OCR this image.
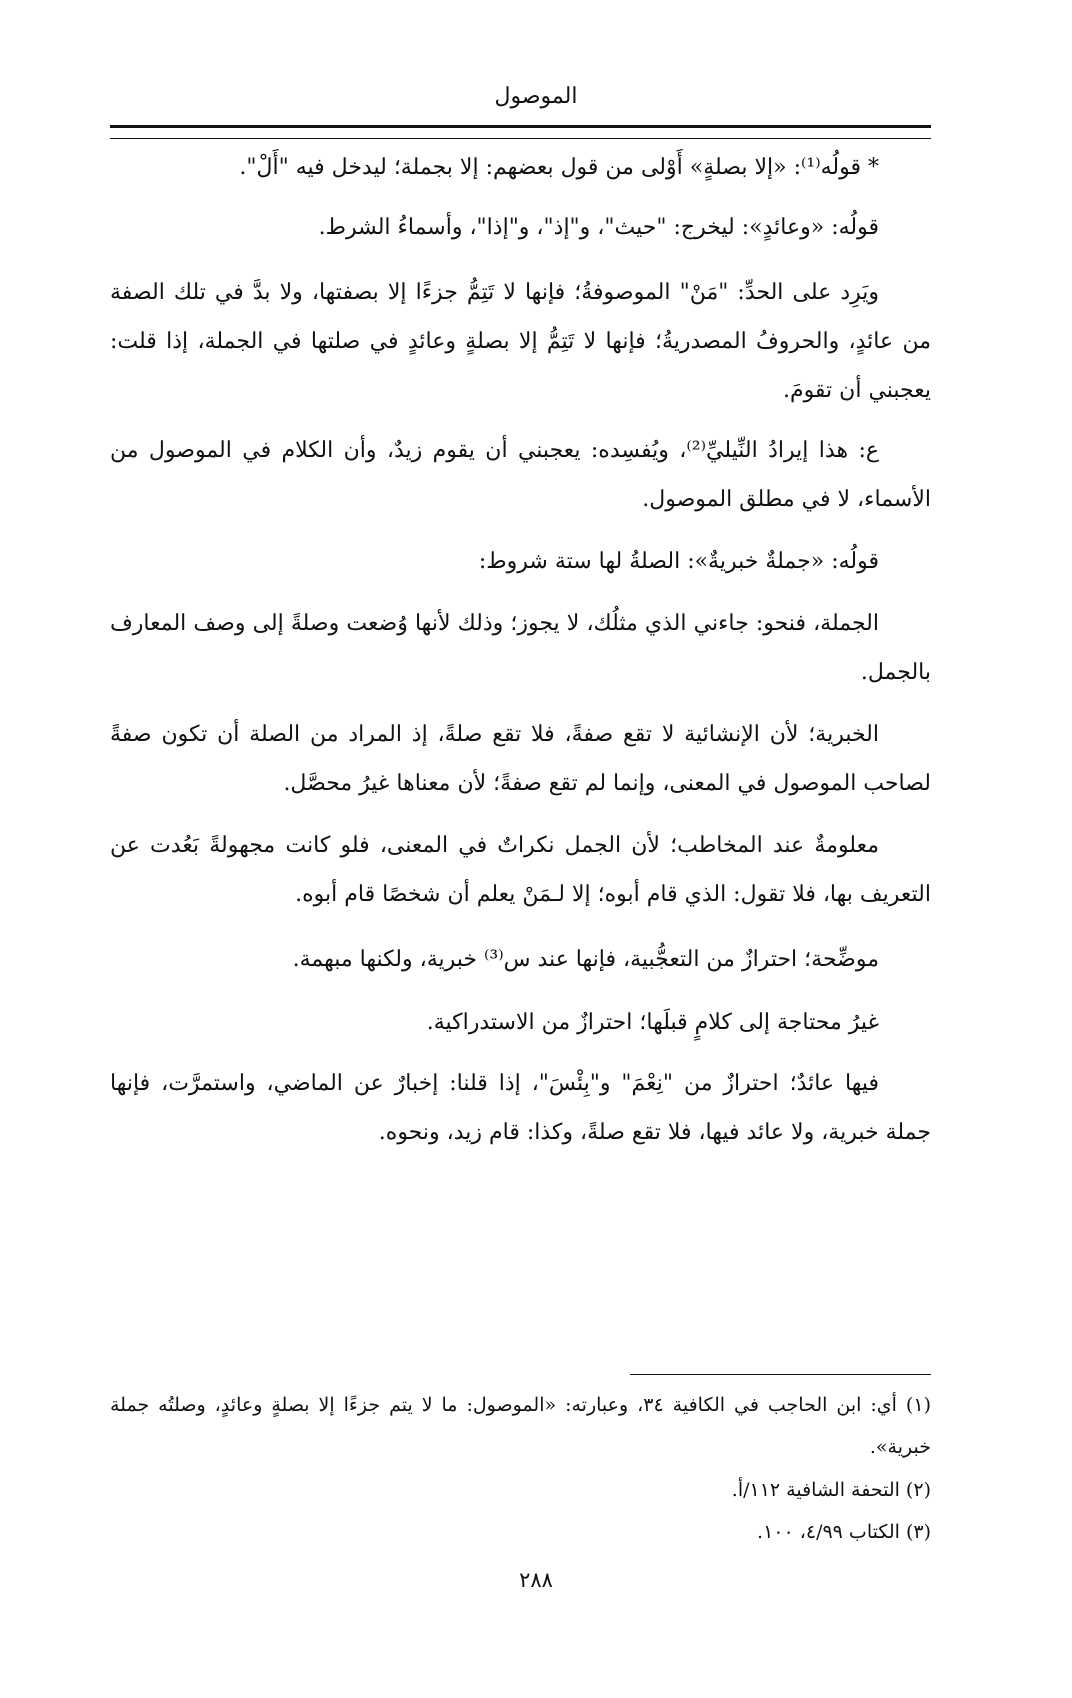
الموصول

* قولُه⁽¹⁾: «إلا بصلةٍ» أَوْلى من قول بعضهم: إلا بجملة؛ ليدخل فيه "أَلْ".

قولُه: «وعائدٍ»: ليخرج: "حيث"، و"إذ"، و"إذا"، وأسماءُ الشرط.

ويَرِد على الحدِّ: "مَنْ" الموصوفةُ؛ فإنها لا تَتِمُّ جزءًا إلا بصفتها، ولا بدَّ في تلك الصفة من عائدٍ، والحروفُ المصدريةُ؛ فإنها لا تَتِمُّ إلا بصلةٍ وعائدٍ في صلتها في الجملة، إذا قلت: يعجبني أن تقومَ.

ع: هذا إيرادُ النِّيليِّ⁽²⁾، ويُفسِده: يعجبني أن يقوم زيدٌ، وأن الكلام في الموصول من الأسماء، لا في مطلق الموصول.

قولُه: «جملةٌ خبريةٌ»: الصلةُ لها ستة شروط:

الجملة، فنحو: جاءني الذي مثلُك، لا يجوز؛ وذلك لأنها وُضعت وصلةً إلى وصف المعارف بالجمل.

الخبرية؛ لأن الإنشائية لا تقع صفةً، فلا تقع صلةً، إذ المراد من الصلة أن تكون صفةً لصاحب الموصول في المعنى، وإنما لم تقع صفةً؛ لأن معناها غيرُ محصَّل.

معلومةٌ عند المخاطب؛ لأن الجمل نكراتٌ في المعنى، فلو كانت مجهولةً بَعُدت عن التعريف بها، فلا تقول: الذي قام أبوه؛ إلا لـمَنْ يعلم أن شخصًا قام أبوه.

موضِّحة؛ احترازٌ من التعجُّبية، فإنها عند س⁽³⁾ خبرية، ولكنها مبهمة.

غيرُ محتاجة إلى كلامٍ قبلَها؛ احترازٌ من الاستدراكية.

فيها عائدٌ؛ احترازٌ من "نِعْمَ" و"بِئْسَ"، إذا قلنا: إخبارٌ عن الماضي، واستمرَّت، فإنها جملة خبرية، ولا عائد فيها، فلا تقع صلةً، وكذا: قام زيد، ونحوه.

(١) أي: ابن الحاجب في الكافية ٣٤، وعبارته: «الموصول: ما لا يتم جزءًا إلا بصلةٍ وعائدٍ، وصلتُه جملة خبرية».

(٢) التحفة الشافية ١١٢/أ.

(٣) الكتاب ٤/٩٩، ١٠٠.

٢٨٨
